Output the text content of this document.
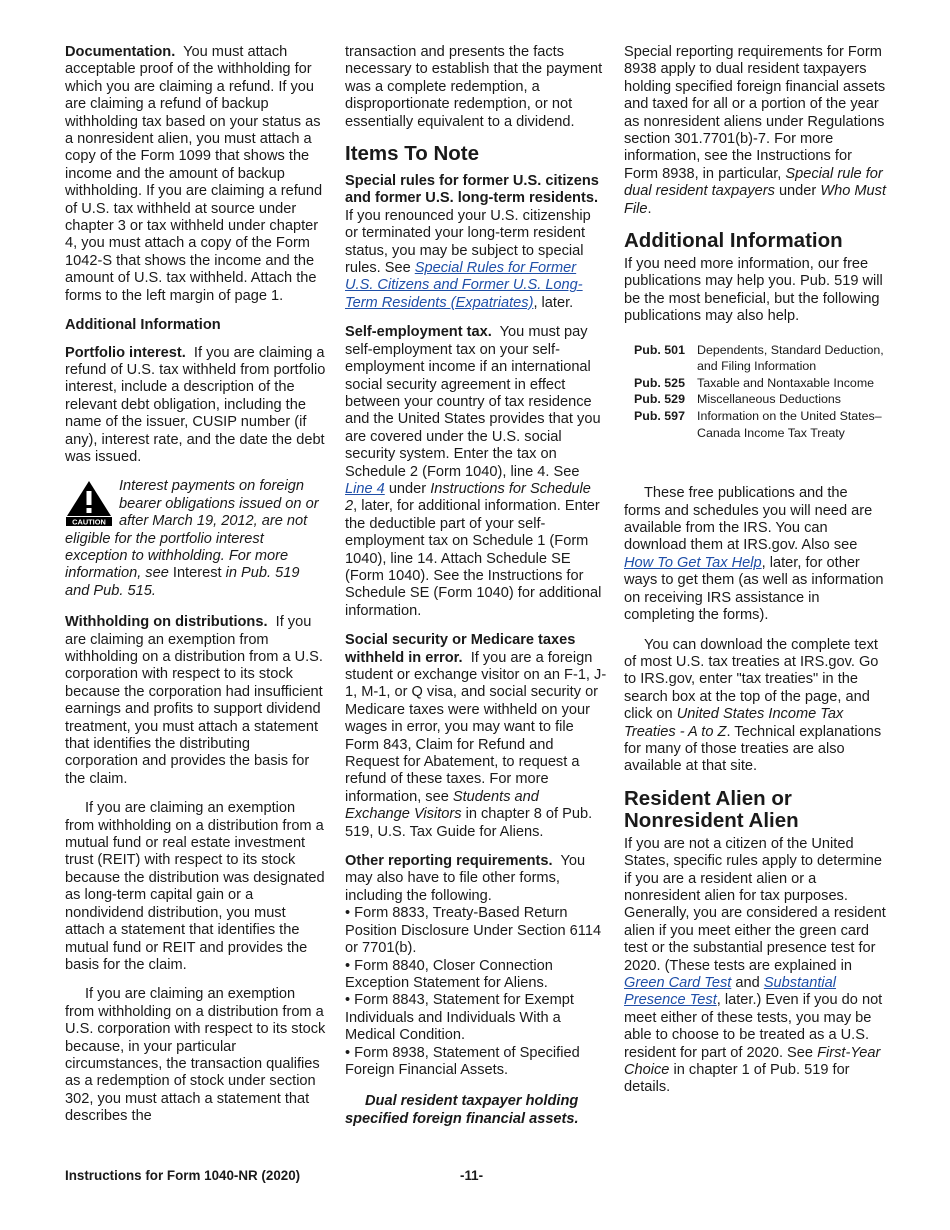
Documentation. You must attach acceptable proof of the withholding for which you are claiming a refund. If you are claiming a refund of backup withholding tax based on your status as a nonresident alien, you must attach a copy of the Form 1099 that shows the income and the amount of backup withholding. If you are claiming a refund of U.S. tax withheld at source under chapter 3 or tax withheld under chapter 4, you must attach a copy of the Form 1042-S that shows the income and the amount of U.S. tax withheld. Attach the forms to the left margin of page 1.

Additional Information

Portfolio interest. If you are claiming a refund of U.S. tax withheld from portfolio interest, include a description of the relevant debt obligation, including the name of the issuer, CUSIP number (if any), interest rate, and the date the debt was issued.

CAUTION
Interest payments on foreign bearer obligations issued on or after March 19, 2012, are not eligible for the portfolio interest exception to withholding. For more information, see Interest in Pub. 519 and Pub. 515.

Withholding on distributions. If you are claiming an exemption from withholding on a distribution from a U.S. corporation with respect to its stock because the corporation had insufficient earnings and profits to support dividend treatment, you must attach a statement that identifies the distributing corporation and provides the basis for the claim.

If you are claiming an exemption from withholding on a distribution from a mutual fund or real estate investment trust (REIT) with respect to its stock because the distribution was designated as long-term capital gain or a nondividend distribution, you must attach a statement that identifies the mutual fund or REIT and provides the basis for the claim.

If you are claiming an exemption from withholding on a distribution from a U.S. corporation with respect to its stock because, in your particular circumstances, the transaction qualifies as a redemption of stock under section 302, you must attach a statement that describes the

transaction and presents the facts necessary to establish that the payment was a complete redemption, a disproportionate redemption, or not essentially equivalent to a dividend.

Items To Note

Special rules for former U.S. citizens and former U.S. long-term residents.  If you renounced your U.S. citizenship or terminated your long-term resident status, you may be subject to special rules. See Special Rules for Former U.S. Citizens and Former U.S. Long-Term Residents (Expatriates), later.

Self-employment tax. You must pay self-employment tax on your self-employment income if an international social security agreement in effect between your country of tax residence and the United States provides that you are covered under the U.S. social security system. Enter the tax on Schedule 2 (Form 1040), line 4. See Line 4 under Instructions for Schedule 2, later, for additional information. Enter the deductible part of your self-employment tax on Schedule 1 (Form 1040), line 14. Attach Schedule SE (Form 1040). See the Instructions for Schedule SE (Form 1040) for additional information.

Social security or Medicare taxes withheld in error. If you are a foreign student or exchange visitor on an F-1, J-1, M-1, or Q visa, and social security or Medicare taxes were withheld on your wages in error, you may want to file Form 843, Claim for Refund and Request for Abatement, to request a refund of these taxes. For more information, see Students and Exchange Visitors in chapter 8 of Pub. 519, U.S. Tax Guide for Aliens.

Other reporting requirements. You may also have to file other forms, including the following.

• Form 8833, Treaty-Based Return Position Disclosure Under Section 6114 or 7701(b).

• Form 8840, Closer Connection Exception Statement for Aliens.

• Form 8843, Statement for Exempt Individuals and Individuals With a Medical Condition.

• Form 8938, Statement of Specified Foreign Financial Assets.

Dual resident taxpayer holding specified foreign financial assets.

Special reporting requirements for Form 8938 apply to dual resident taxpayers holding specified foreign financial assets and taxed for all or a portion of the year as nonresident aliens under Regulations section 301.7701(b)-7. For more information, see the Instructions for Form 8938, in particular, Special rule for dual resident taxpayers under Who Must File.

Additional Information

If you need more information, our free publications may help you. Pub. 519 will be the most beneficial, but the following publications may also help.

Pub. 501 Dependents, Standard Deduction, and Filing Information
Pub. 525 Taxable and Nontaxable Income
Pub. 529 Miscellaneous Deductions
Pub. 597 Information on the United States–Canada Income Tax Treaty

These free publications and the forms and schedules you will need are available from the IRS. You can download them at IRS.gov. Also see How To Get Tax Help, later, for other ways to get them (as well as information on receiving IRS assistance in completing the forms).

You can download the complete text of most U.S. tax treaties at IRS.gov. Go to IRS.gov, enter "tax treaties" in the search box at the top of the page, and click on United States Income Tax Treaties - A to Z. Technical explanations for many of those treaties are also available at that site.

Resident Alien or Nonresident Alien

If you are not a citizen of the United States, specific rules apply to determine if you are a resident alien or a nonresident alien for tax purposes. Generally, you are considered a resident alien if you meet either the green card test or the substantial presence test for 2020. (These tests are explained in Green Card Test and Substantial Presence Test, later.) Even if you do not meet either of these tests, you may be able to choose to be treated as a U.S. resident for part of 2020. See First-Year Choice in chapter 1 of Pub. 519 for details.

Instructions for Form 1040-NR (2020)	-11-
